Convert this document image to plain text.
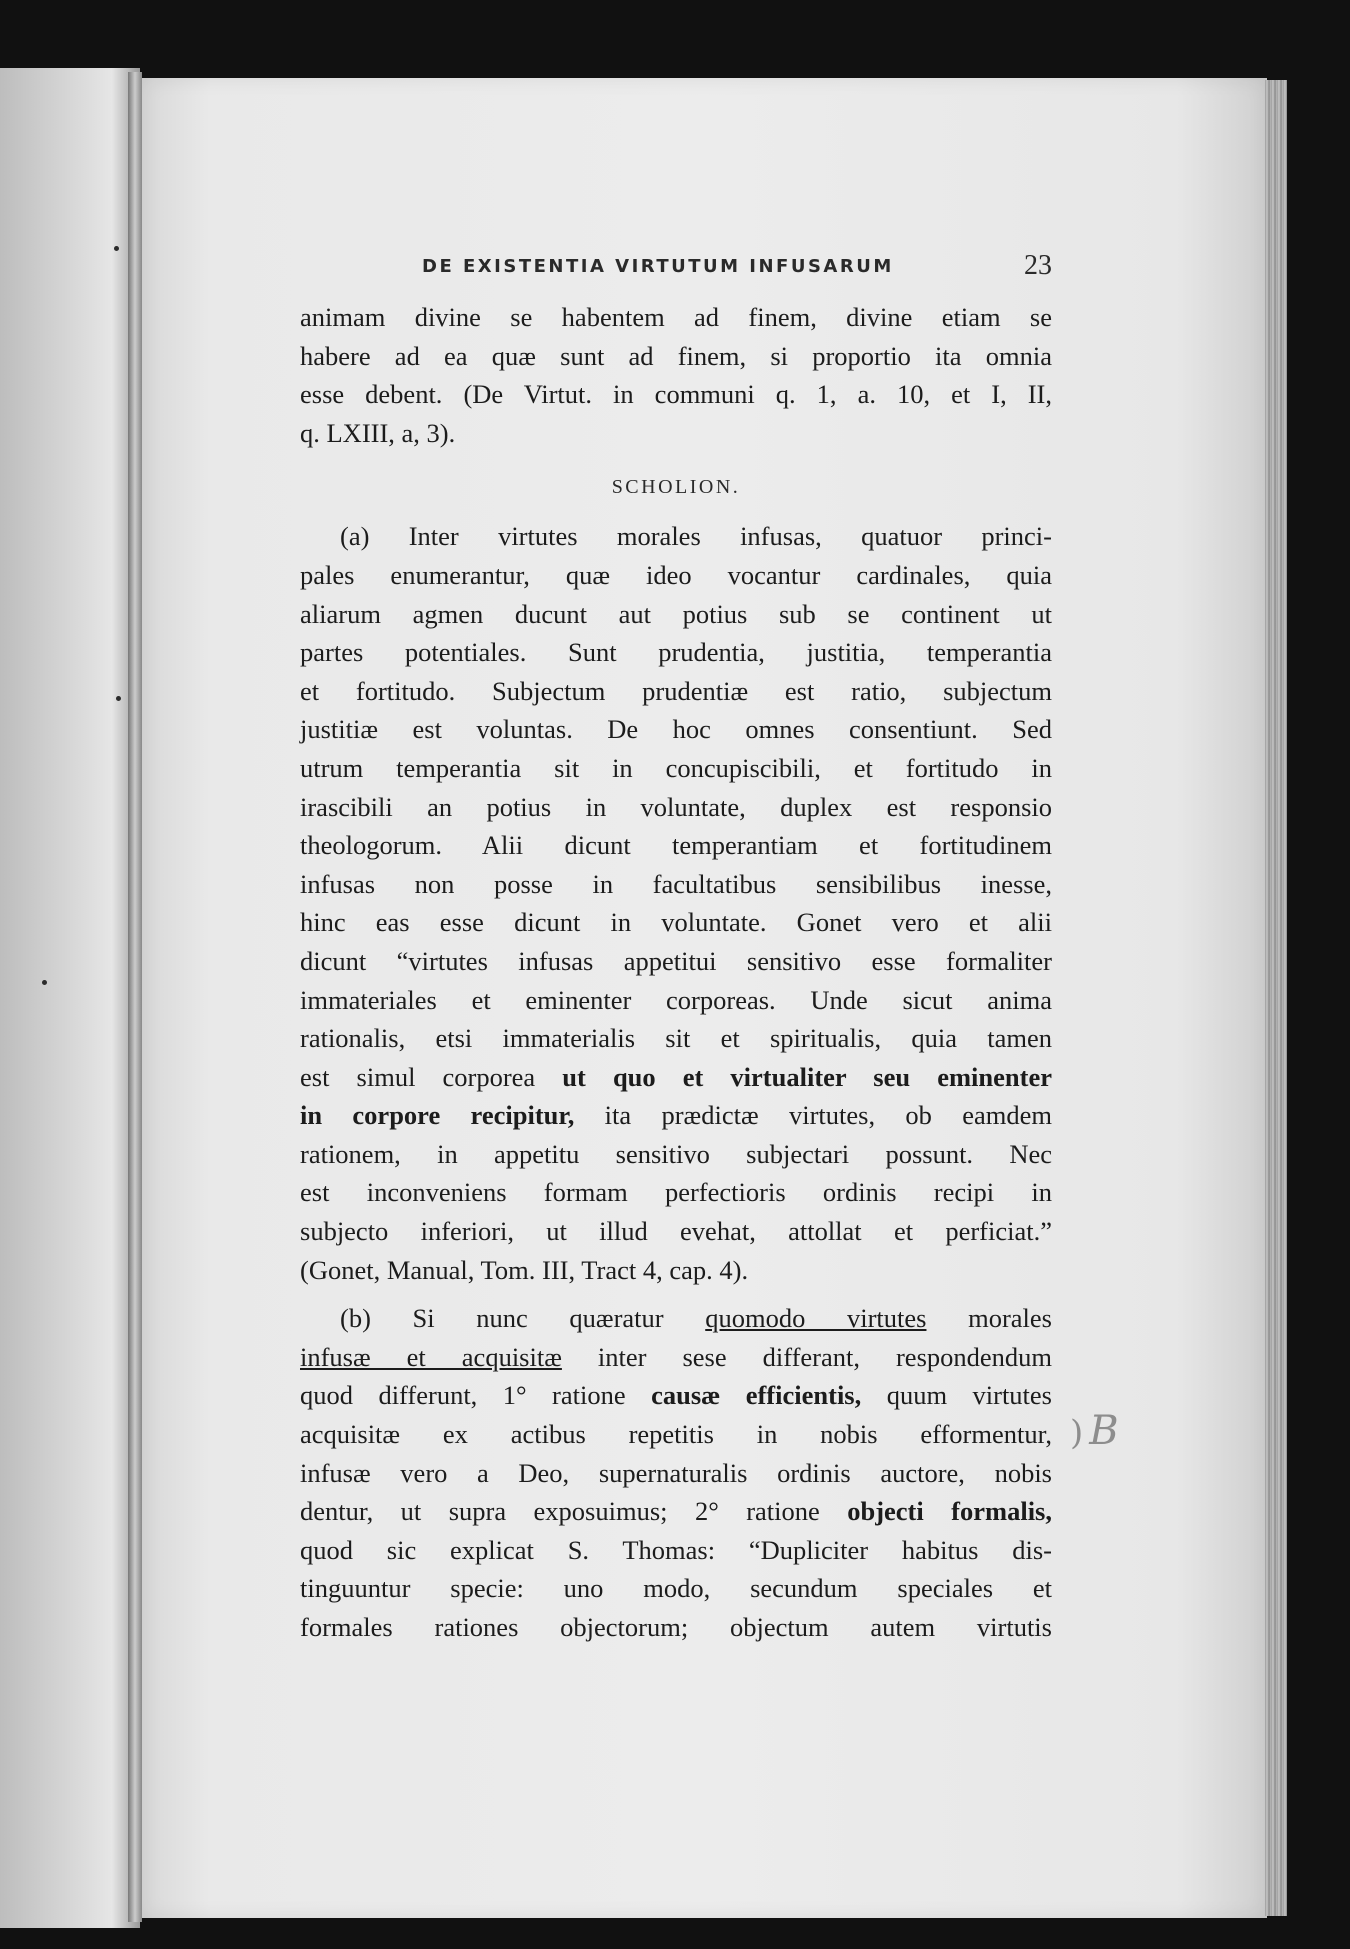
DE EXISTENTIA VIRTUTUM INFUSARUM	23

animam divine se habentem ad finem, divine etiam se
habere ad ea quæ sunt ad finem, si proportio ita omnia
esse debent. (De Virtut. in communi q. 1, a. 10, et I, II,
q. LXIII, a, 3).

SCHOLION.

(a) Inter virtutes morales infusas, quatuor princi-
pales enumerantur, quæ ideo vocantur cardinales, quia
aliarum agmen ducunt aut potius sub se continent ut
partes potentiales. Sunt prudentia, justitia, temperantia
et fortitudo. Subjectum prudentiæ est ratio, subjectum
justitiæ est voluntas. De hoc omnes consentiunt. Sed
utrum temperantia sit in concupiscibili, et fortitudo in
irascibili an potius in voluntate, duplex est responsio
theologorum. Alii dicunt temperantiam et fortitudinem
infusas non posse in facultatibus sensibilibus inesse,
hinc eas esse dicunt in voluntate. Gonet vero et alii
dicunt “virtutes infusas appetitui sensitivo esse formaliter
immateriales et eminenter corporeas. Unde sicut anima
rationalis, etsi immaterialis sit et spiritualis, quia tamen
est simul corporea ut quo et virtualiter seu eminenter
in corpore recipitur, ita prædictæ virtutes, ob eamdem
rationem, in appetitu sensitivo subjectari possunt. Nec
est inconveniens formam perfectioris ordinis recipi in
subjecto inferiori, ut illud evehat, attollat et perficiat.”
(Gonet, Manual, Tom. III, Tract 4, cap. 4).

(b) Si nunc quæratur quomodo virtutes morales
infusæ et acquisitæ inter sese differant, respondendum
quod differunt, 1° ratione causæ efficientis, quum virtutes
acquisitæ ex actibus repetitis in nobis efformentur,
infusæ vero a Deo, supernaturalis ordinis auctore, nobis
dentur, ut supra exposuimus; 2° ratione objecti formalis,
quod sic explicat S. Thomas: “Dupliciter habitus dis-
tinguuntur specie: uno modo, secundum speciales et
formales rationes objectorum; objectum autem virtutis

) B
